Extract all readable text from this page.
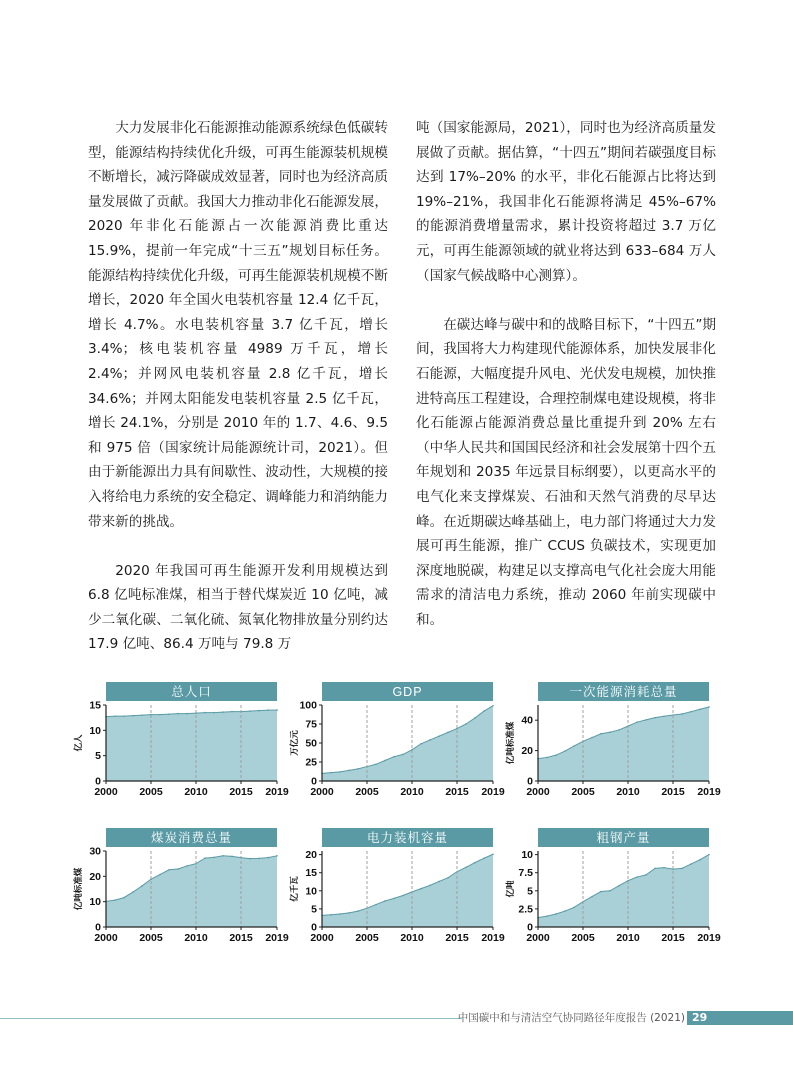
大力发展非化石能源推动能源系统绿色低碳转型，能源结构持续优化升级，可再生能源装机规模不断增长，减污降碳成效显著，同时也为经济高质量发展做了贡献。我国大力推动非化石能源发展，2020 年非化石能源占一次能源消费比重达 15.9%，提前一年完成“十三五”规划目标任务。能源结构持续优化升级，可再生能源装机规模不断增长，2020 年全国火电装机容量 12.4 亿千瓦，增长 4.7%。水电装机容量 3.7 亿千瓦，增长 3.4%；核电装机容量 4989 万千瓦，增长 2.4%；并网风电装机容量 2.8 亿千瓦，增长 34.6%；并网太阳能发电装机容量 2.5 亿千瓦，增长 24.1%，分别是 2010 年的 1.7、4.6、9.5 和 975 倍（国家统计局能源统计司，2021）。但由于新能源出力具有间歇性、波动性，大规模的接入将给电力系统的安全稳定、调峰能力和消纳能力带来新的挑战。

2020 年我国可再生能源开发利用规模达到 6.8 亿吨标准煤，相当于替代煤炭近 10 亿吨，减少二氧化碳、二氧化硫、氮氧化物排放量分别约达 17.9 亿吨、86.4 万吨与 79.8 万

吨（国家能源局，2021），同时也为经济高质量发展做了贡献。据估算，“十四五”期间若碳强度目标达到 17%–20% 的水平，非化石能源占比将达到 19%–21%，我国非化石能源将满足 45%–67% 的能源消费增量需求，累计投资将超过 3.7 万亿元，可再生能源领域的就业将达到 633–684 万人（国家气候战略中心测算）。

在碳达峰与碳中和的战略目标下，“十四五”期间，我国将大力构建现代能源体系，加快发展非化石能源，大幅度提升风电、光伏发电规模，加快推进特高压工程建设，合理控制煤电建设规模，将非化石能源占能源消费总量比重提升到 20% 左右（中华人民共和国国民经济和社会发展第十四个五年规划和 2035 年远景目标纲要），以更高水平的电气化来支撑煤炭、石油和天然气消费的尽早达峰。在近期碳达峰基础上，电力部门将通过大力发展可再生能源，推广 CCUS 负碳技术，实现更加深度地脱碳，构建足以支撑高电气化社会庞大用能需求的清洁电力系统，推动 2060 年前实现碳中和。

总人口
0
5
10
15
2000 2005 2010 2015 2019
亿人
GDP
0
25
50
75
100
2000 2005 2010 2015 2019
万亿元
一次能源消耗总量
0
20
40
2000 2005 2010 2015 2019
亿吨标准煤
煤炭消费总量
0
10
20
30
2000 2005 2010 2015 2019
亿吨标准煤
电力装机容量
0
5
10
15
20
2000 2005 2010 2015 2019
亿千瓦
粗钢产量
0
2.5
5
7.5
10
2000 2005 2010 2015 2019
亿吨
中国碳中和与清洁空气协同路径年度报告 (2021) 29
